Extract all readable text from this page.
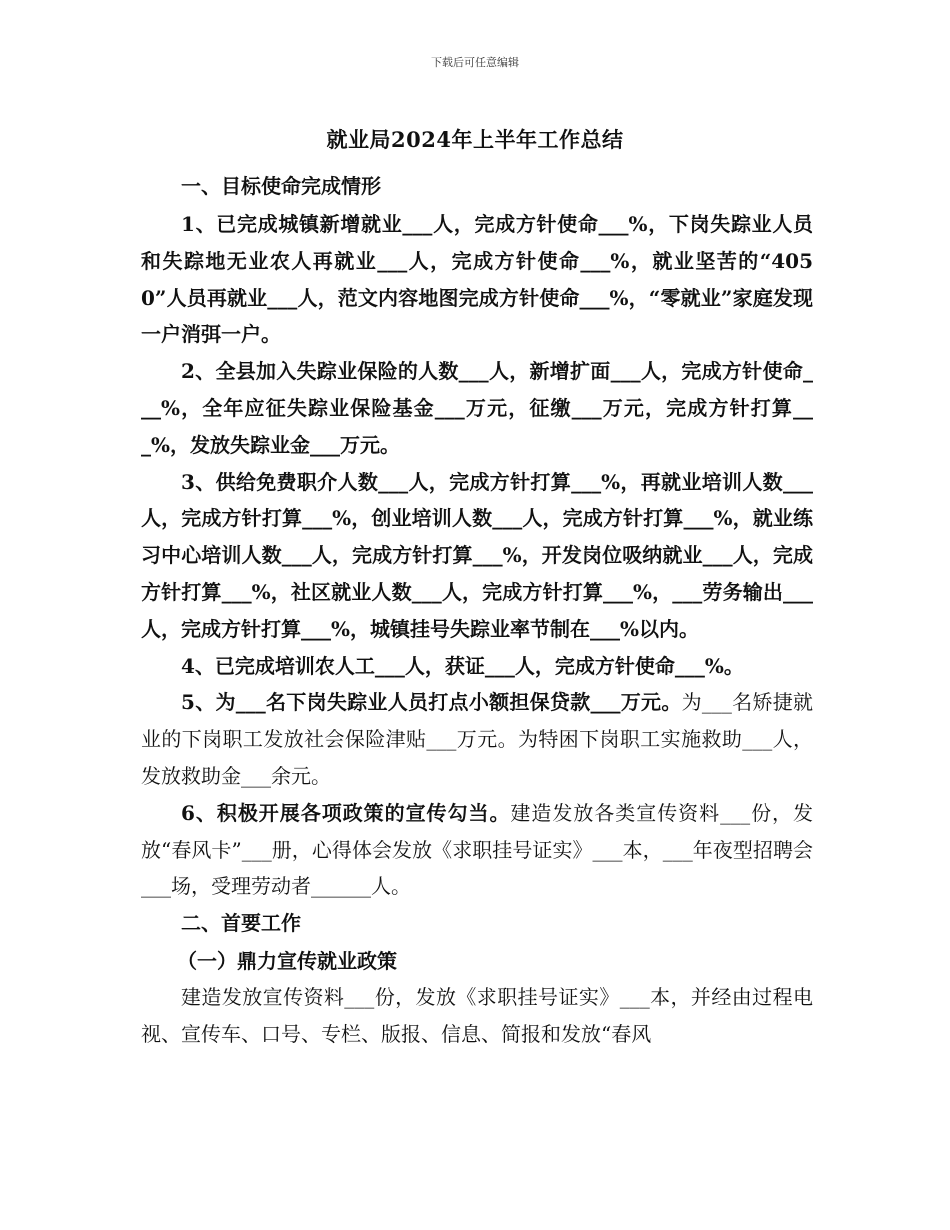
下载后可任意编辑
就业局2024年上半年工作总结
一、目标使命完成情形

1、已完成城镇新增就业___人，完成方针使命___%，下岗失踪业人员和失踪地无业农人再就业___人，完成方针使命___%，就业坚苦的“4050”人员再就业___人，范文内容地图完成方针使命___%，“零就业”家庭发现一户消弭一户。

2、全县加入失踪业保险的人数___人，新增扩面___人，完成方针使命___%，全年应征失踪业保险基金___万元，征缴___万元，完成方针打算___%，发放失踪业金___万元。

3、供给免费职介人数___人，完成方针打算___%，再就业培训人数___人，完成方针打算___%，创业培训人数___人，完成方针打算___%，就业练习中心培训人数___人，完成方针打算___%，开发岗位吸纳就业___人，完成方针打算___%，社区就业人数___人，完成方针打算___%，___劳务输出___人，完成方针打算___%，城镇挂号失踪业率节制在___%以内。

4、已完成培训农人工___人，获证___人，完成方针使命___%。

5、为___名下岗失踪业人员打点小额担保贷款___万元。为___名矫捷就业的下岗职工发放社会保险津贴___万元。为特困下岗职工实施救助___人，发放救助金___余元。

6、积极开展各项政策的宣传勾当。建造发放各类宣传资料___份，发放“春风卡”___册，心得体会发放《求职挂号证实》___本，___年夜型招聘会___场，受理劳动者______人。

二、首要工作
（一）鼎力宣传就业政策

建造发放宣传资料___份，发放《求职挂号证实》___本，并经由过程电视、宣传车、口号、专栏、版报、信息、简报和发放“春风
